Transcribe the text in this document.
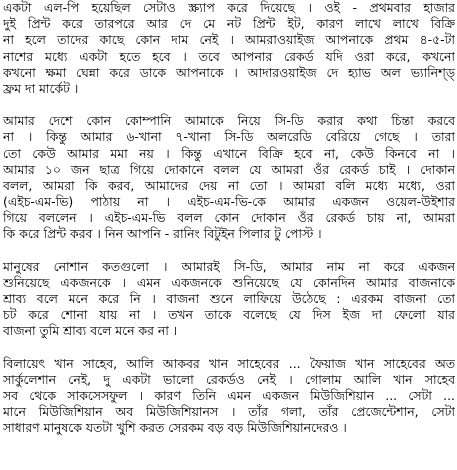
একটা এল-পি হয়েছিল সেটাও স্ক্র্যাপ করে দিয়েছে । ওই - প্রথমবার হাজার
দুই প্রিন্ট করে তারপরে আর দে মে নট প্রিন্ট ইট, কারণ লাখে লাখে বিক্রি
না হলে তাদের কাছে কোন দাম নেই । আমরাওয়াইজ আপনাকে প্রথম ৪-৫-টা
নাশের মধ্যে একটা হতে হবে । তবে আপনার রেকর্ড যদি ওরা করে, কখনো
কখনো ক্ষমা ঘেন্না করে ডাকে আপনাকে । আদারওয়াইজ দে হ্যাভ অল ভ্যানিশ্ড্
ফ্রম দা মার্কেট ।
আমার দেশে কোন কোম্পানি আমাকে নিয়ে সি-ডি করার কথা চিন্তা করবে
না । কিন্তু আমার ৬-খানা ৭-খানা সি-ডি অলরেডি বেরিয়ে গেছে । তারা
তো কেউ আমার মমা নয় । কিন্তু এখানে বিক্রি হবে না, কেউ কিনবে না ।
আমার ১০ জন ছাত্র গিয়ে দোকানে বলল যে আমরা ওঁর রেকর্ড চাই । দোকান
বলল, আমরা কি করব, আমাদের দেয় না তো । আমরা বলি মধ্যে মধ্যে, ওরা
(এইচ-এম-ভি) পাঠায় না । এইচ-এম-ভি-কে আমার একজন ওয়েল-উইশার
গিয়ে বললেন । এইচ-এম-ভি বলল কোন দোকান ওঁর রেকর্ড চায় না, আমরা
কি করে প্রিন্ট করব । নিন আপনি - রানিং বিটুইন পিলার টু পোস্ট ।
মানুষের নোশান কতগুলো । আমারই সি-ডি, আমার নাম না করে একজন
শুনিয়েছে একজনকে । এমন একজনকে শুনিয়েছে যে কোনদিন আমার বাজনাকে
শ্রাব্য বলে মনে করে নি । বাজনা শুনে লাফিয়ে উঠেছে : এরকম বাজনা তো
চট করে শোনা যায় না । তখন তাকে বলেছে যে দিস ইজ দা ফেলো যার
বাজনা তুমি শ্রাব্য বলে মনে কর না ।
বিলায়েৎ খান সাহেব, আলি আকবর খান সাহেবের ... ফৈয়াজ খান সাহেবের অত
সার্কুলেশান নেই, দু একটা ভালো রেকর্ডও নেই । গোলাম আলি খান সাহেব
সব থেকে সাকসেসফুল । কারণ তিনি এমন একজন মিউজিশিয়ান ... সেটা ...
মানে মিউজিশিয়ান অব মিউজিশিয়ানস । তাঁর গলা, তাঁর প্রেজেন্টেশান, সেটা
সাধারণ মানুষকে যতটা খুশি করত সেরকম বড় বড় মিউজিশিয়ানদেরও ।
